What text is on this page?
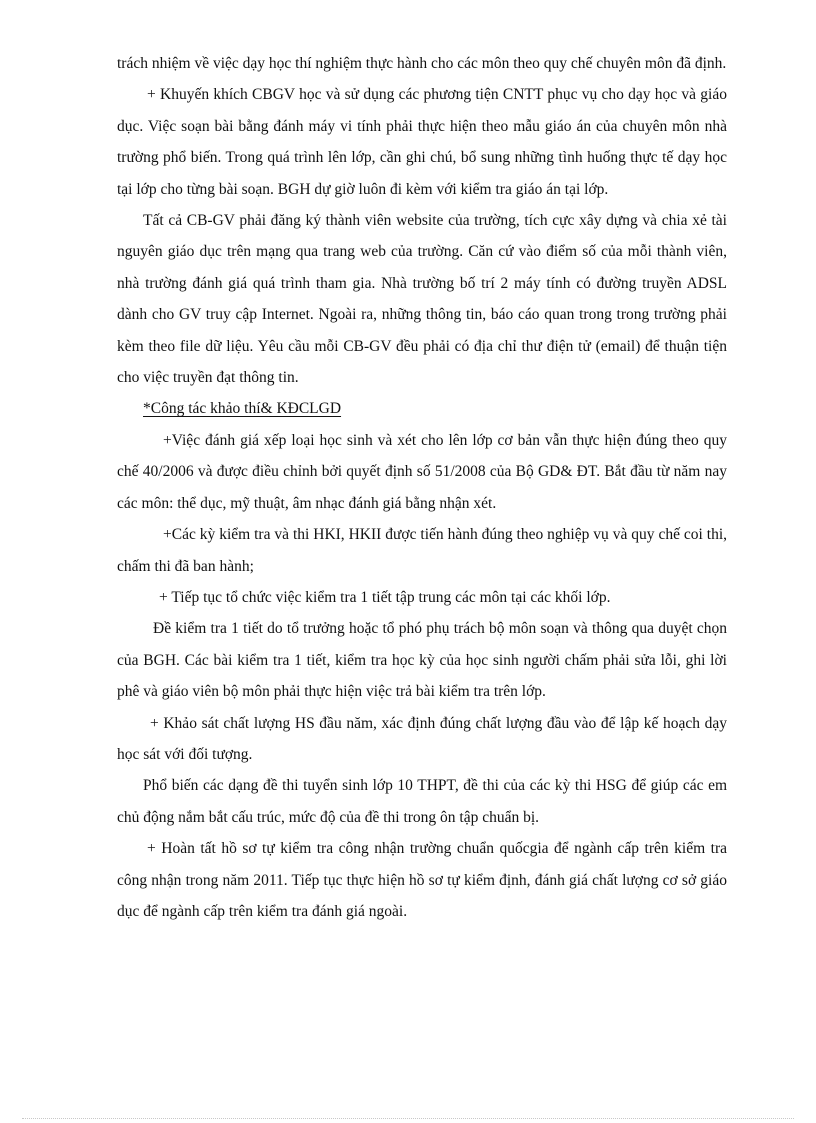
trách nhiệm về việc dạy học thí nghiệm thực hành cho các môn theo quy chế chuyên môn đã định.

+ Khuyến khích CBGV học và sử dụng các phương tiện CNTT phục vụ cho dạy học và giáo dục. Việc soạn bài bằng đánh máy vi tính phải thực hiện theo mẫu giáo án của chuyên môn nhà trường phổ biến. Trong quá trình lên lớp, cần ghi chú, bổ sung những tình huống thực tế dạy học tại lớp cho từng bài soạn. BGH dự giờ luôn đi kèm với kiểm tra giáo án tại lớp.

Tất cả CB-GV phải đăng ký thành viên website của trường, tích cực xây dựng và chia xẻ tài nguyên giáo dục trên mạng qua trang web của trường. Căn cứ vào điểm số của mỗi thành viên, nhà trường đánh giá quá trình tham gia. Nhà trường bố trí 2 máy tính có đường truyền ADSL dành cho GV truy cập Internet. Ngoài ra, những thông tin, báo cáo quan trong trong trường phải kèm theo file dữ liệu. Yêu cầu mỗi CB-GV đều phải có địa chỉ thư điện tử (email) để thuận tiện cho việc truyền đạt thông tin.

*Công tác khảo thí& KĐCLGD

+Việc đánh giá xếp loại học sinh và xét cho lên lớp cơ bản vẫn thực hiện đúng theo quy chế 40/2006 và được điều chỉnh bởi quyết định số 51/2008 của Bộ GD& ĐT. Bắt đầu từ năm nay các môn: thể dục, mỹ thuật, âm nhạc đánh giá bằng nhận xét.

+Các kỳ kiểm tra và thi HKI, HKII được tiến hành đúng theo nghiệp vụ và quy chế coi thi, chấm thi đã ban hành;

+ Tiếp tục tổ chức việc kiểm tra 1 tiết tập trung các môn tại các khối lớp.

Đề kiểm tra 1 tiết do tổ trưởng hoặc tổ phó phụ trách bộ môn soạn và thông qua duyệt chọn của BGH. Các bài kiểm tra 1 tiết, kiểm tra học kỳ của học sinh người chấm phải sửa lỗi, ghi lời phê và giáo viên bộ môn phải thực hiện việc trả bài kiểm tra trên lớp.

+ Khảo sát chất lượng HS đầu năm, xác định đúng chất lượng đầu vào để lập kế hoạch dạy học sát với đối tượng.

Phổ biến các dạng đề thi tuyển sinh lớp 10 THPT, đề thi của các kỳ thi HSG để giúp các em chủ động nắm bắt cấu trúc, mức độ của đề thi trong ôn tập chuẩn bị.

+ Hoàn tất hồ sơ tự kiểm tra công nhận trường chuẩn quốcgia để ngành cấp trên kiểm tra công nhận trong năm 2011. Tiếp tục thực hiện hồ sơ tự kiểm định, đánh giá chất lượng cơ sở giáo dục để ngành cấp trên kiểm tra đánh giá ngoài.
